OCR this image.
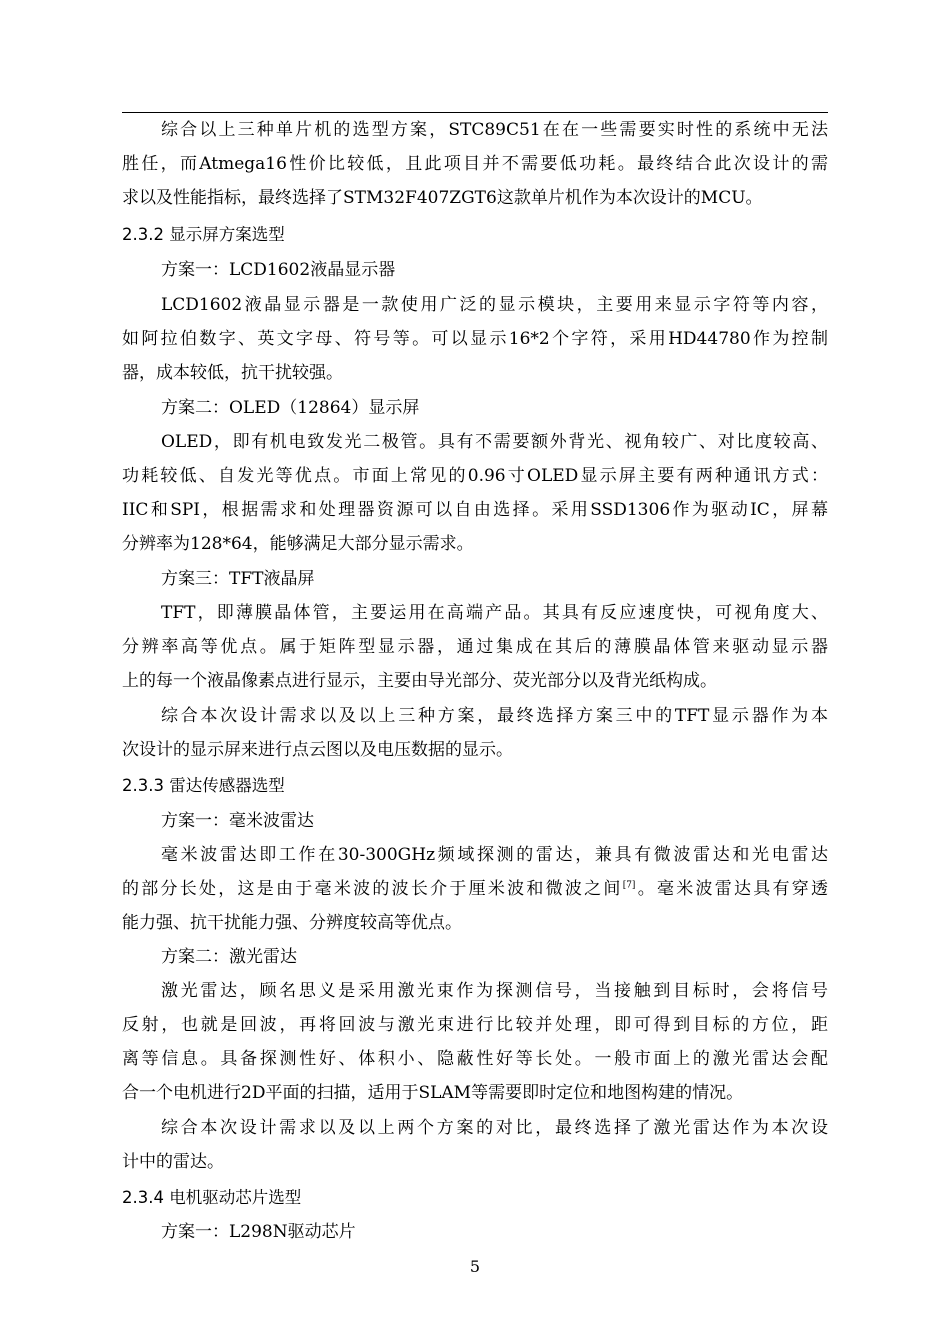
综合以上三种单片机的选型方案，STC89C51在在一些需要实时性的系统中无法
胜任，而Atmega16性价比较低，且此项目并不需要低功耗。最终结合此次设计的需
求以及性能指标，最终选择了STM32F407ZGT6这款单片机作为本次设计的MCU。
2.3.2 显示屏方案选型
方案一：LCD1602液晶显示器
LCD1602液晶显示器是一款使用广泛的显示模块，主要用来显示字符等内容，
如阿拉伯数字、英文字母、符号等。可以显示16*2个字符，采用HD44780作为控制
器，成本较低，抗干扰较强。
方案二：OLED（12864）显示屏
OLED，即有机电致发光二极管。具有不需要额外背光、视角较广、对比度较高、
功耗较低、自发光等优点。市面上常见的0.96寸OLED显示屏主要有两种通讯方式：
IIC和SPI，根据需求和处理器资源可以自由选择。采用SSD1306作为驱动IC，屏幕
分辨率为128*64，能够满足大部分显示需求。
方案三：TFT液晶屏
TFT，即薄膜晶体管，主要运用在高端产品。其具有反应速度快，可视角度大、
分辨率高等优点。属于矩阵型显示器，通过集成在其后的薄膜晶体管来驱动显示器
上的每一个液晶像素点进行显示，主要由导光部分、荧光部分以及背光纸构成。
综合本次设计需求以及以上三种方案，最终选择方案三中的TFT显示器作为本
次设计的显示屏来进行点云图以及电压数据的显示。
2.3.3 雷达传感器选型
方案一：毫米波雷达
毫米波雷达即工作在30-300GHz频域探测的雷达，兼具有微波雷达和光电雷达
的部分长处，这是由于毫米波的波长介于厘米波和微波之间[7]。毫米波雷达具有穿透
能力强、抗干扰能力强、分辨度较高等优点。
方案二：激光雷达
激光雷达，顾名思义是采用激光束作为探测信号，当接触到目标时，会将信号
反射，也就是回波，再将回波与激光束进行比较并处理，即可得到目标的方位，距
离等信息。具备探测性好、体积小、隐蔽性好等长处。一般市面上的激光雷达会配
合一个电机进行2D平面的扫描，适用于SLAM等需要即时定位和地图构建的情况。
综合本次设计需求以及以上两个方案的对比，最终选择了激光雷达作为本次设
计中的雷达。
2.3.4 电机驱动芯片选型
方案一：L298N驱动芯片
5
